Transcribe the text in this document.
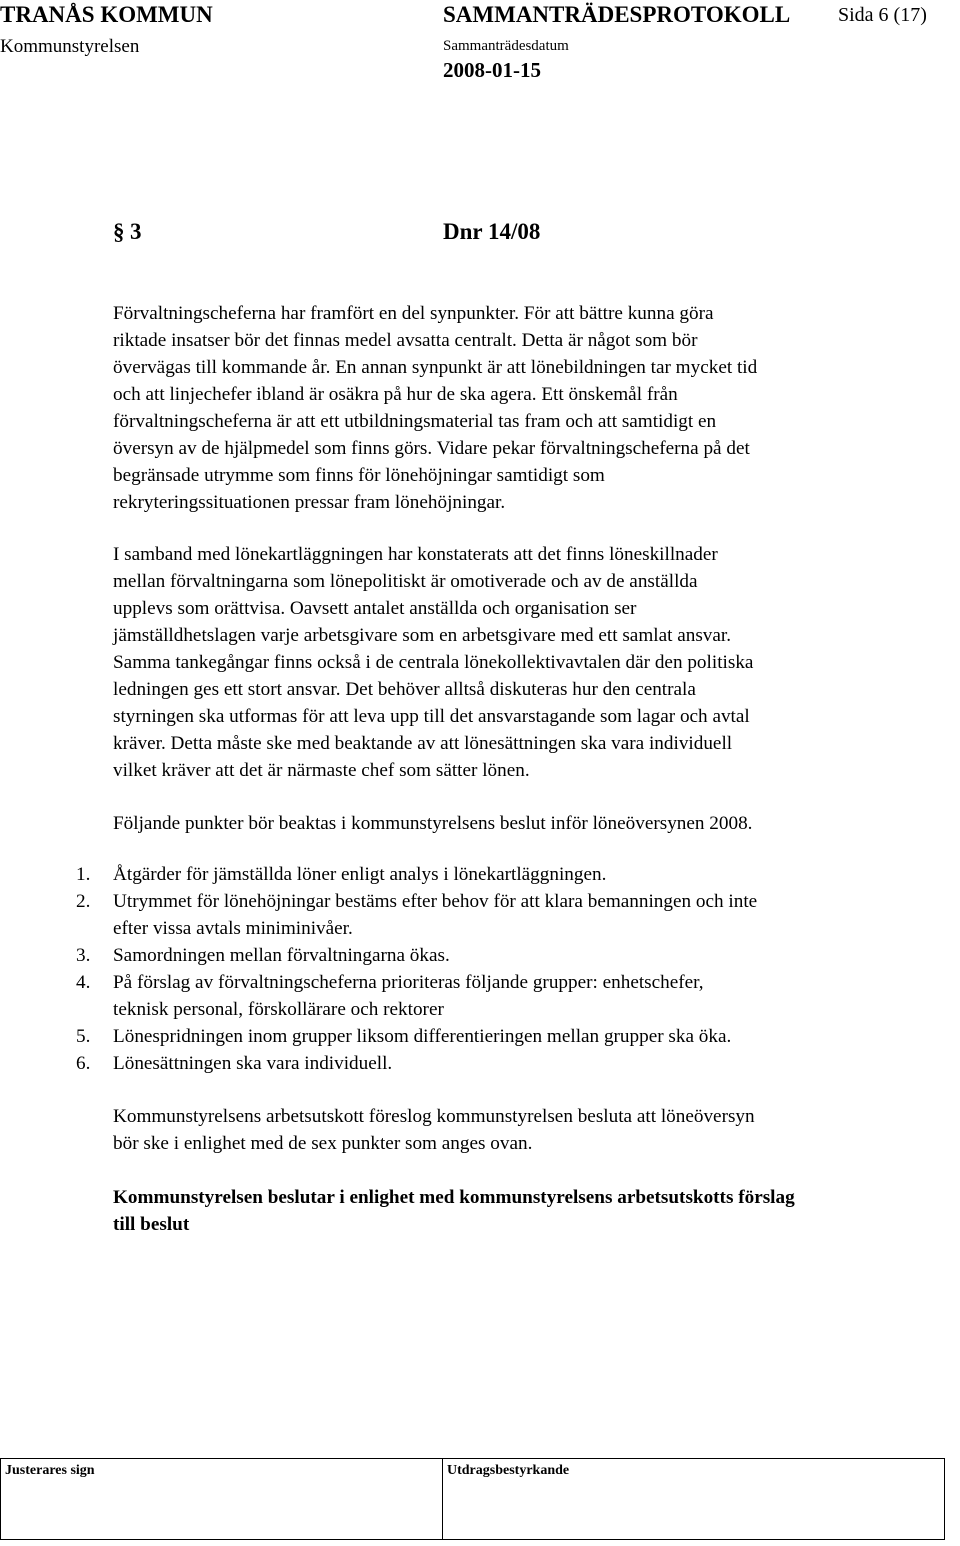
TRANÅS KOMMUN
Kommunstyrelsen
SAMMANTRÄDESPROTOKOLL
Sammanträdesdatum
2008-01-15
Sida 6 (17)
§ 3	Dnr 14/08

Förvaltningscheferna har framfört en del synpunkter. För att bättre kunna göra

riktade insatser bör det finnas medel avsatta centralt. Detta är något som bör

övervägas till kommande år. En annan synpunkt är att lönebildningen tar mycket tid

och att linjechefer ibland är osäkra på hur de ska agera. Ett önskemål från

förvaltningscheferna är att ett utbildningsmaterial tas fram och att samtidigt en

översyn av de hjälpmedel som finns görs. Vidare pekar förvaltningscheferna på det

begränsade utrymme som finns för lönehöjningar samtidigt som

rekryteringssituationen pressar fram lönehöjningar.

I samband med lönekartläggningen har konstaterats att det finns löneskillnader

mellan förvaltningarna som lönepolitiskt är omotiverade och av de anställda

upplevs som orättvisa. Oavsett antalet anställda och organisation ser

jämställdhetslagen varje arbetsgivare som en arbetsgivare med ett samlat ansvar.

Samma tankegångar finns också i de centrala lönekollektivavtalen där den politiska

ledningen ges ett stort ansvar. Det behöver alltså diskuteras hur den centrala

styrningen ska utformas för att leva upp till det ansvarstagande som lagar och avtal

kräver. Detta måste ske med beaktande av att lönesättningen ska vara individuell

vilket kräver att det är närmaste chef som sätter lönen.

Följande punkter bör beaktas i kommunstyrelsens beslut inför löneöversynen 2008.

1.	Åtgärder för jämställda löner enligt analys i lönekartläggningen.
2.	Utrymmet för lönehöjningar bestäms efter behov för att klara bemanningen och inte
efter vissa avtals miniminivåer.
3.	Samordningen mellan förvaltningarna ökas.
4.	På förslag av förvaltningscheferna prioriteras följande grupper: enhetschefer,
teknisk personal, förskollärare och rektorer
5.	Lönespridningen inom grupper liksom differentieringen mellan grupper ska öka.
6.	Lönesättningen ska vara individuell.

Kommunstyrelsens arbetsutskott föreslog kommunstyrelsen besluta att löneöversyn

bör ske i enlighet med de sex punkter som anges ovan.

Kommunstyrelsen beslutar i enlighet med kommunstyrelsens arbetsutskotts förslag

till beslut

Justerares sign	Utdragsbestyrkande
